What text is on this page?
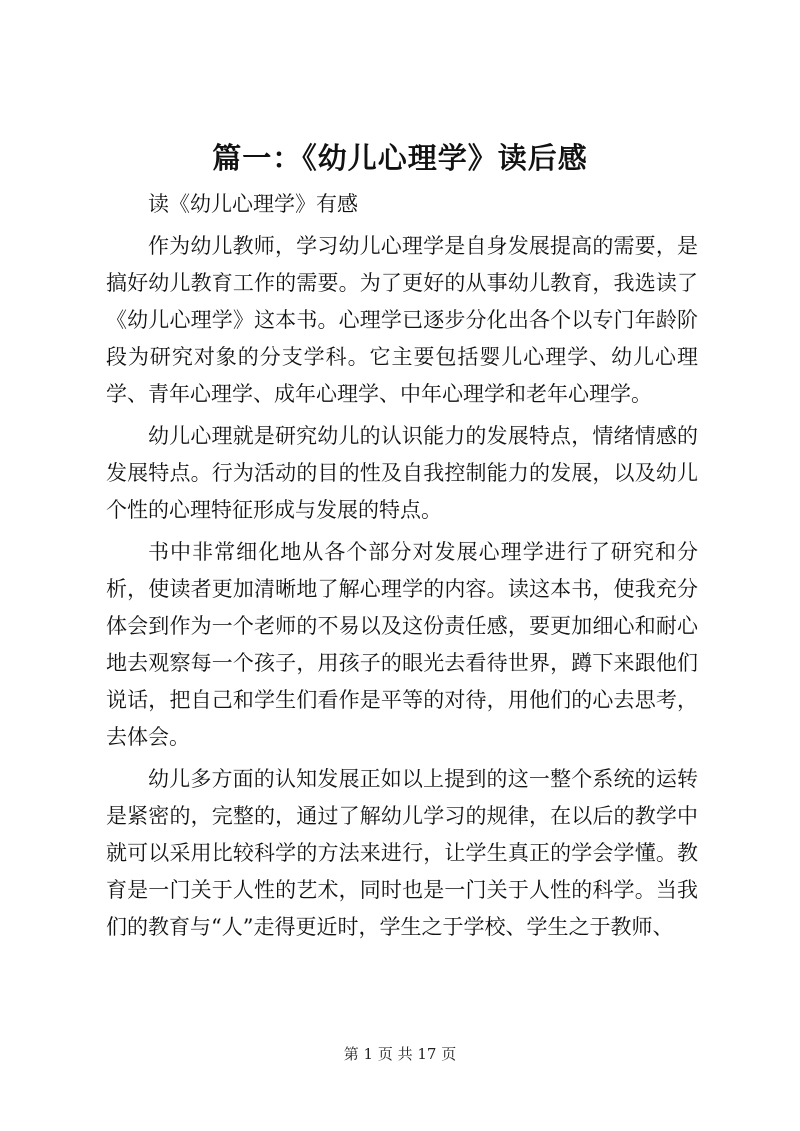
篇一：《幼儿心理学》读后感

读《幼儿心理学》有感

作为幼儿教师，学习幼儿心理学是自身发展提高的需要，是搞好幼儿教育工作的需要。为了更好的从事幼儿教育，我选读了《幼儿心理学》这本书。心理学已逐步分化出各个以专门年龄阶段为研究对象的分支学科。它主要包括婴儿心理学、幼儿心理学、青年心理学、成年心理学、中年心理学和老年心理学。

幼儿心理就是研究幼儿的认识能力的发展特点，情绪情感的发展特点。行为活动的目的性及自我控制能力的发展，以及幼儿个性的心理特征形成与发展的特点。

书中非常细化地从各个部分对发展心理学进行了研究和分析，使读者更加清晰地了解心理学的内容。读这本书，使我充分体会到作为一个老师的不易以及这份责任感，要更加细心和耐心地去观察每一个孩子，用孩子的眼光去看待世界，蹲下来跟他们说话，把自己和学生们看作是平等的对待，用他们的心去思考，去体会。

幼儿多方面的认知发展正如以上提到的这一整个系统的运转是紧密的，完整的，通过了解幼儿学习的规律，在以后的教学中就可以采用比较科学的方法来进行，让学生真正的学会学懂。教育是一门关于人性的艺术，同时也是一门关于人性的科学。当我们的教育与“人”走得更近时，学生之于学校、学生之于教师、

第 1 页 共 17 页
